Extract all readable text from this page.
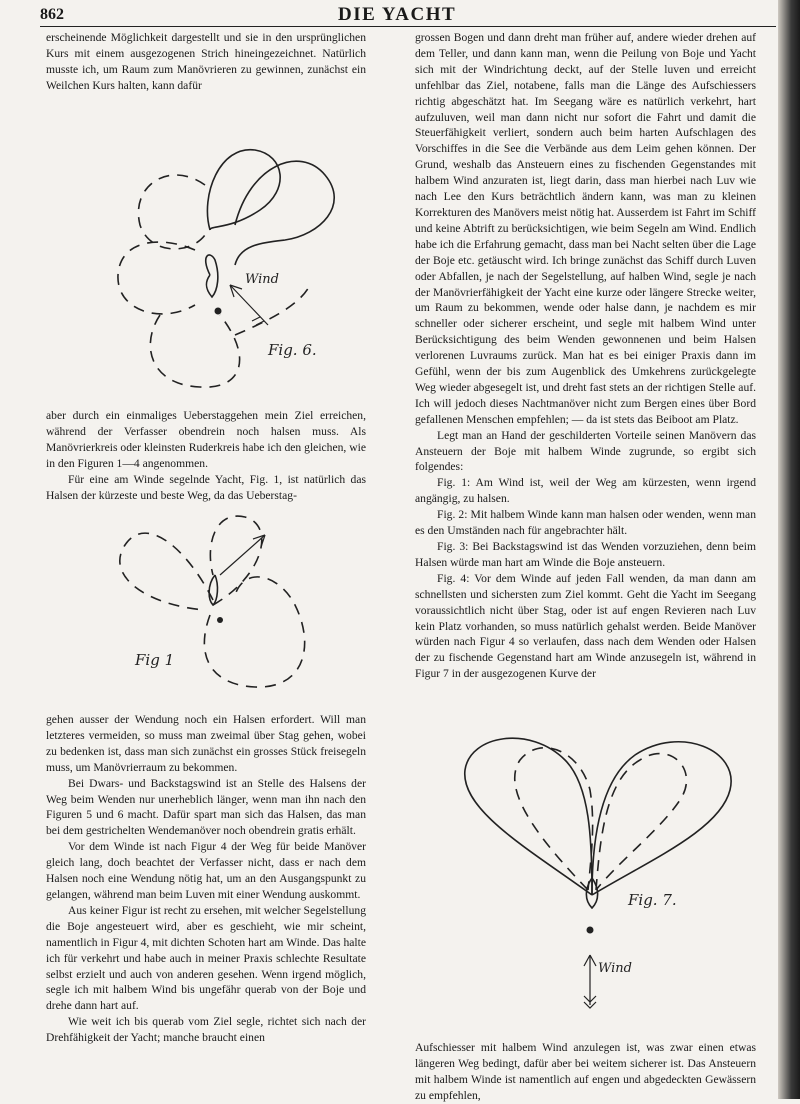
862	DIE YACHT

erscheinende Möglichkeit dargestellt und sie in den ursprünglichen Kurs mit einem ausgezogenen Strich hineingezeichnet. Natürlich musste ich, um Raum zum Manövrieren zu gewinnen, zunächst ein Weilchen Kurs halten, kann dafür

aber durch ein einmaliges Ueberstaggehen mein Ziel erreichen, während der Verfasser obendrein noch halsen muss. Als Manövrierkreis oder kleinsten Ruderkreis habe ich den gleichen, wie in den Figuren 1—4 angenommen.

Für eine am Winde segelnde Yacht, Fig. 1, ist natürlich das Halsen der kürzeste und beste Weg, da das Ueberstag-

gehen ausser der Wendung noch ein Halsen erfordert. Will man letzteres vermeiden, so muss man zweimal über Stag gehen, wobei zu bedenken ist, dass man sich zunächst ein grosses Stück freisegeln muss, um Manövrierraum zu bekommen.

Bei Dwars- und Backstagswind ist an Stelle des Halsens der Weg beim Wenden nur unerheblich länger, wenn man ihn nach den Figuren 5 und 6 macht. Dafür spart man sich das Halsen, das man bei dem gestrichelten Wendemanöver noch obendrein gratis erhält.

Vor dem Winde ist nach Figur 4 der Weg für beide Manöver gleich lang, doch beachtet der Verfasser nicht, dass er nach dem Halsen noch eine Wendung nötig hat, um an den Ausgangspunkt zu gelangen, während man beim Luven mit einer Wendung auskommt.

Aus keiner Figur ist recht zu ersehen, mit welcher Segelstellung die Boje angesteuert wird, aber es geschieht, wie mir scheint, namentlich in Figur 4, mit dichten Schoten hart am Winde. Das halte ich für verkehrt und habe auch in meiner Praxis schlechte Resultate selbst erzielt und auch von anderen gesehen. Wenn irgend möglich, segle ich mit halbem Wind bis ungefähr querab von der Boje und drehe dann hart auf.

Wie weit ich bis querab vom Ziel segle, richtet sich nach der Drehfähigkeit der Yacht; manche braucht einen

Wind
Fig. 6.
Fig 1

grossen Bogen und dann dreht man früher auf, andere wieder drehen auf dem Teller, und dann kann man, wenn die Peilung von Boje und Yacht sich mit der Windrichtung deckt, auf der Stelle luven und erreicht unfehlbar das Ziel, notabene, falls man die Länge des Aufschiessers richtig abgeschätzt hat. Im Seegang wäre es natürlich verkehrt, hart aufzuluven, weil man dann nicht nur sofort die Fahrt und damit die Steuerfähigkeit verliert, sondern auch beim harten Aufschlagen des Vorschiffes in die See die Verbände aus dem Leim gehen können. Der Grund, weshalb das Ansteuern eines zu fischenden Gegenstandes mit halbem Wind anzuraten ist, liegt darin, dass man hierbei nach Luv wie nach Lee den Kurs beträchtlich ändern kann, was man zu kleinen Korrekturen des Manövers meist nötig hat. Ausserdem ist Fahrt im Schiff und keine Abtrift zu berücksichtigen, wie beim Segeln am Wind. Endlich habe ich die Erfahrung gemacht, dass man bei Nacht selten über die Lage der Boje etc. getäuscht wird. Ich bringe zunächst das Schiff durch Luven oder Abfallen, je nach der Segelstellung, auf halben Wind, segle je nach der Manövrierfähigkeit der Yacht eine kurze oder längere Strecke weiter, um Raum zu bekommen, wende oder halse dann, je nachdem es mir schneller oder sicherer erscheint, und segle mit halbem Wind unter Berücksichtigung des beim Wenden gewonnenen und beim Halsen verlorenen Luvraums zurück. Man hat es bei einiger Praxis dann im Gefühl, wenn der bis zum Augenblick des Umkehrens zurückgelegte Weg wieder abgesegelt ist, und dreht fast stets an der richtigen Stelle auf. Ich will jedoch dieses Nachtmanöver nicht zum Bergen eines über Bord gefallenen Menschen empfehlen; — da ist stets das Beiboot am Platz.

Legt man an Hand der geschilderten Vorteile seinen Manövern das Ansteuern der Boje mit halbem Winde zugrunde, so ergibt sich folgendes:

Fig. 1: Am Wind ist, weil der Weg am kürzesten, wenn irgend angängig, zu halsen.

Fig. 2: Mit halbem Winde kann man halsen oder wenden, wenn man es den Umständen nach für angebrachter hält.

Fig. 3: Bei Backstagswind ist das Wenden vorzuziehen, denn beim Halsen würde man hart am Winde die Boje ansteuern.

Fig. 4: Vor dem Winde auf jeden Fall wenden, da man dann am schnellsten und sichersten zum Ziel kommt. Geht die Yacht im Seegang voraussichtlich nicht über Stag, oder ist auf engen Revieren nach Luv kein Platz vorhanden, so muss natürlich gehalst werden. Beide Manöver würden nach Figur 4 so verlaufen, dass nach dem Wenden oder Halsen der zu fischende Gegenstand hart am Winde anzusegeln ist, während in Figur 7 in der ausgezogenen Kurve der

Aufschiesser mit halbem Wind anzulegen ist, was zwar einen etwas längeren Weg bedingt, dafür aber bei weitem sicherer ist. Das Ansteuern mit halbem Winde ist namentlich auf engen und abgedeckten Gewässern zu empfehlen,

Wind
Fig. 7.
